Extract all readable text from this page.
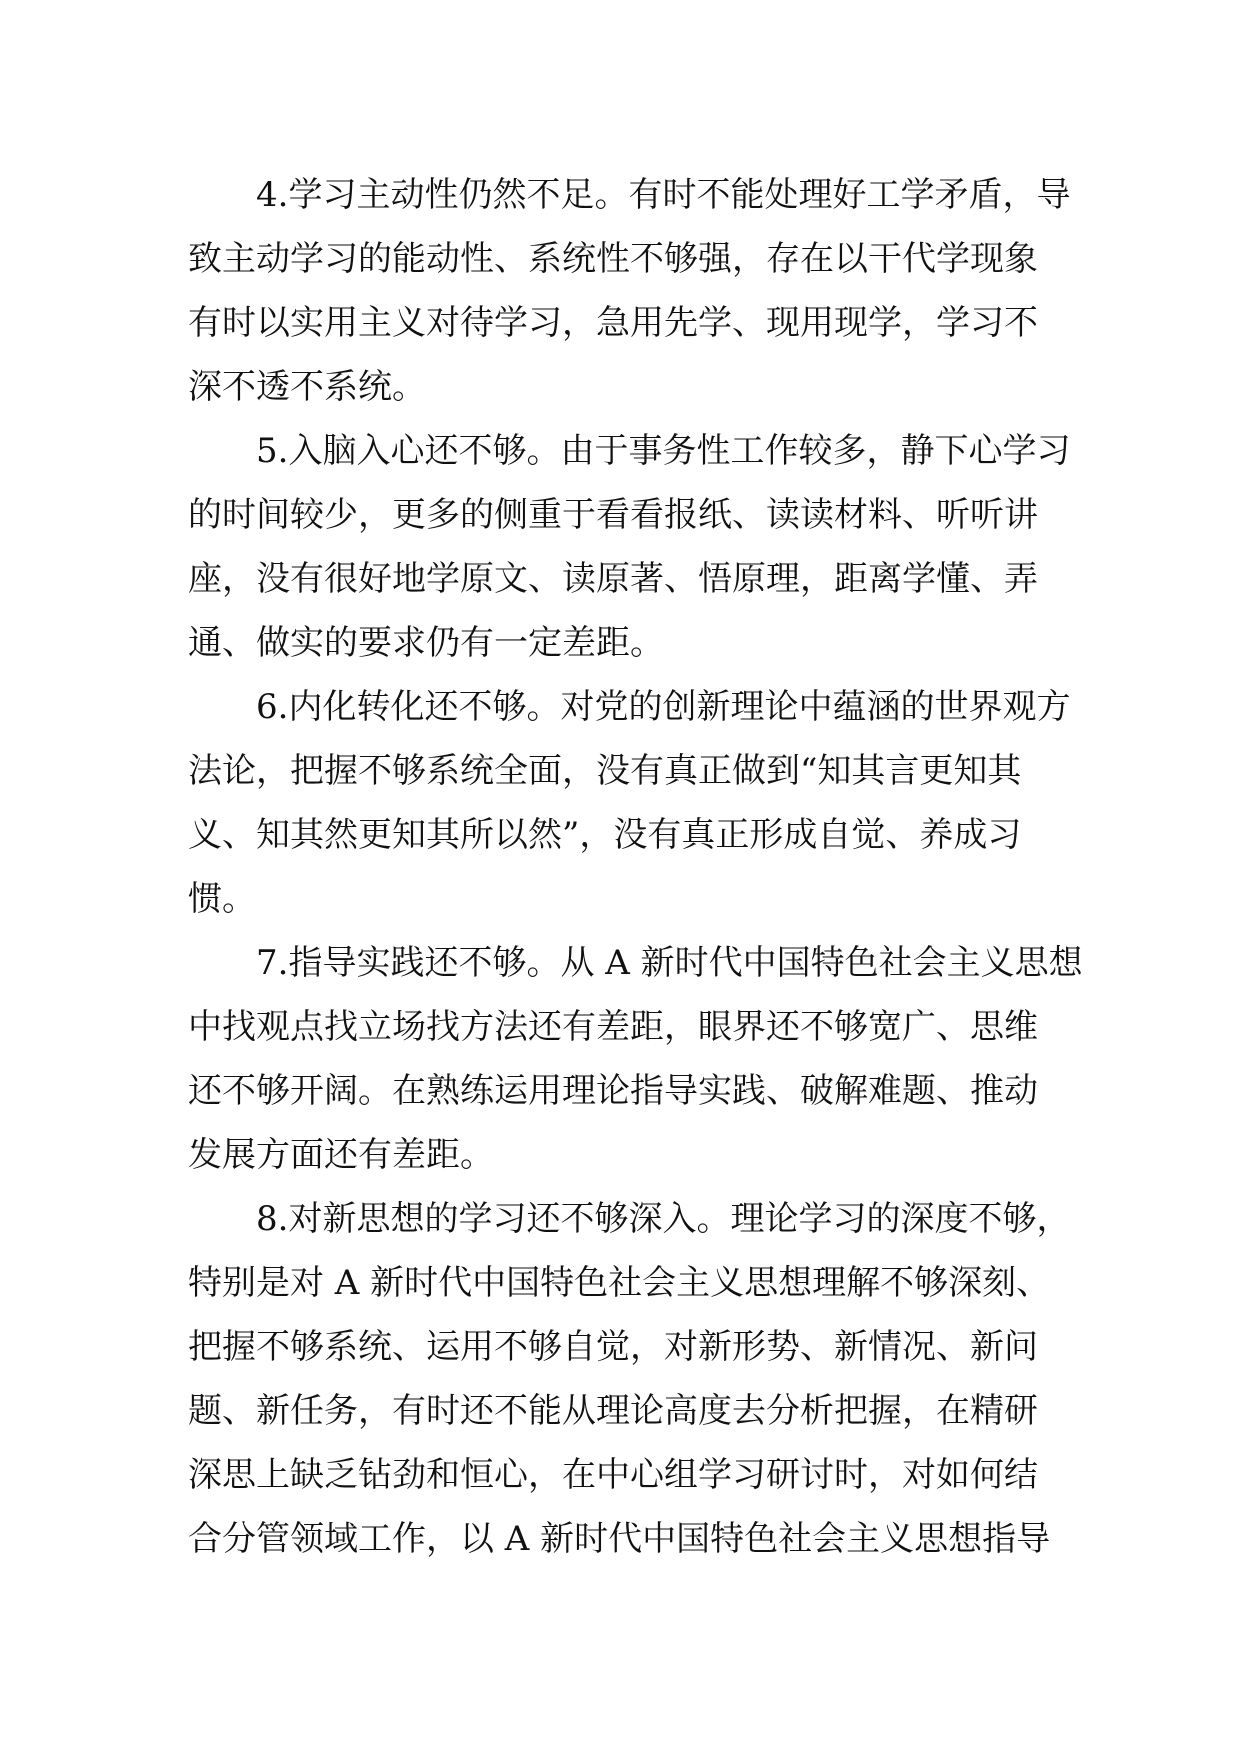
4.学习主动性仍然不足。有时不能处理好工学矛盾，导
致主动学习的能动性、系统性不够强，存在以干代学现象
有时以实用主义对待学习，急用先学、现用现学，学习不
深不透不系统。
5.入脑入心还不够。由于事务性工作较多，静下心学习
的时间较少，更多的侧重于看看报纸、读读材料、听听讲
座，没有很好地学原文、读原著、悟原理，距离学懂、弄
通、做实的要求仍有一定差距。
6.内化转化还不够。对党的创新理论中蕴涵的世界观方
法论，把握不够系统全面，没有真正做到“知其言更知其
义、知其然更知其所以然”，没有真正形成自觉、养成习
惯。
7.指导实践还不够。从 A 新时代中国特色社会主义思想
中找观点找立场找方法还有差距，眼界还不够宽广、思维
还不够开阔。在熟练运用理论指导实践、破解难题、推动
发展方面还有差距。
8.对新思想的学习还不够深入。理论学习的深度不够，
特别是对 A 新时代中国特色社会主义思想理解不够深刻、
把握不够系统、运用不够自觉，对新形势、新情况、新问
题、新任务，有时还不能从理论高度去分析把握，在精研
深思上缺乏钻劲和恒心，在中心组学习研讨时，对如何结
合分管领域工作，以 A 新时代中国特色社会主义思想指导
